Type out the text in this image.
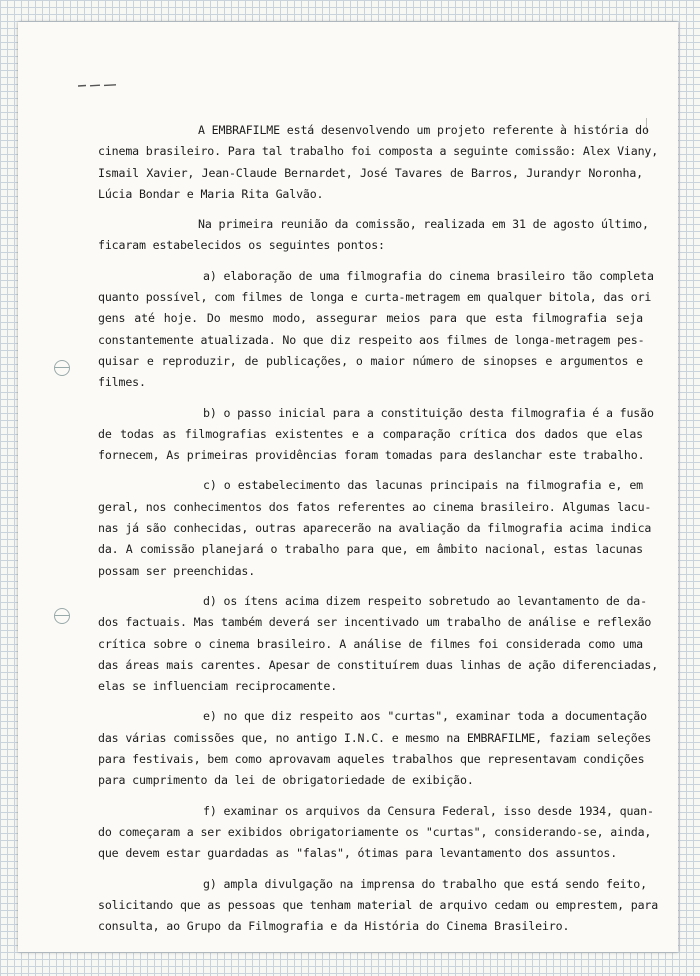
A EMBRAFILME está desenvolvendo um projeto referente à história do
cinema brasileiro. Para tal trabalho foi composta a seguinte comissão: Alex Viany,
Ismail Xavier, Jean-Claude Bernardet, José Tavares de Barros, Jurandyr Noronha,
Lúcia Bondar e Maria Rita Galvão.

Na primeira reunião da comissão, realizada em 31 de agosto último,
ficaram estabelecidos os seguintes pontos:

a) elaboração de uma filmografia do cinema brasileiro tão completa
quanto possível, com filmes de longa e curta-metragem em qualquer bitola, das ori
gens até hoje. Do mesmo modo, assegurar meios para que esta filmografia seja
constantemente atualizada. No que diz respeito aos filmes de longa-metragem pes-
quisar e reproduzir, de publicações, o maior número de sinopses e argumentos e
filmes.

b) o passo inicial para a constituição desta filmografia é a fusão
de todas as filmografias existentes e a comparação crítica dos dados que elas
fornecem, As primeiras providências foram tomadas para deslanchar este trabalho.

c) o estabelecimento das lacunas principais na filmografia e, em
geral, nos conhecimentos dos fatos referentes ao cinema brasileiro. Algumas lacu-
nas já são conhecidas, outras aparecerão na avaliação da filmografia acima indica
da. A comissão planejará o trabalho para que, em âmbito nacional, estas lacunas
possam ser preenchidas.

d) os ítens acima dizem respeito sobretudo ao levantamento de da-
dos factuais. Mas também deverá ser incentivado um trabalho de análise e reflexão
crítica sobre o cinema brasileiro. A análise de filmes foi considerada como uma
das áreas mais carentes. Apesar de constituírem duas linhas de ação diferenciadas,
elas se influenciam reciprocamente.

e) no que diz respeito aos "curtas", examinar toda a documentação
das várias comissões que, no antigo I.N.C. e mesmo na EMBRAFILME, faziam seleções
para festivais, bem como aprovavam aqueles trabalhos que representavam condições
para cumprimento da lei de obrigatoriedade de exibição.

f) examinar os arquivos da Censura Federal, isso desde 1934, quan-
do começaram a ser exibidos obrigatoriamente os "curtas", considerando-se, ainda,
que devem estar guardadas as "falas", ótimas para levantamento dos assuntos.

g) ampla divulgação na imprensa do trabalho que está sendo feito,
solicitando que as pessoas que tenham material de arquivo cedam ou emprestem, para
consulta, ao Grupo da Filmografia e da História do Cinema Brasileiro.
